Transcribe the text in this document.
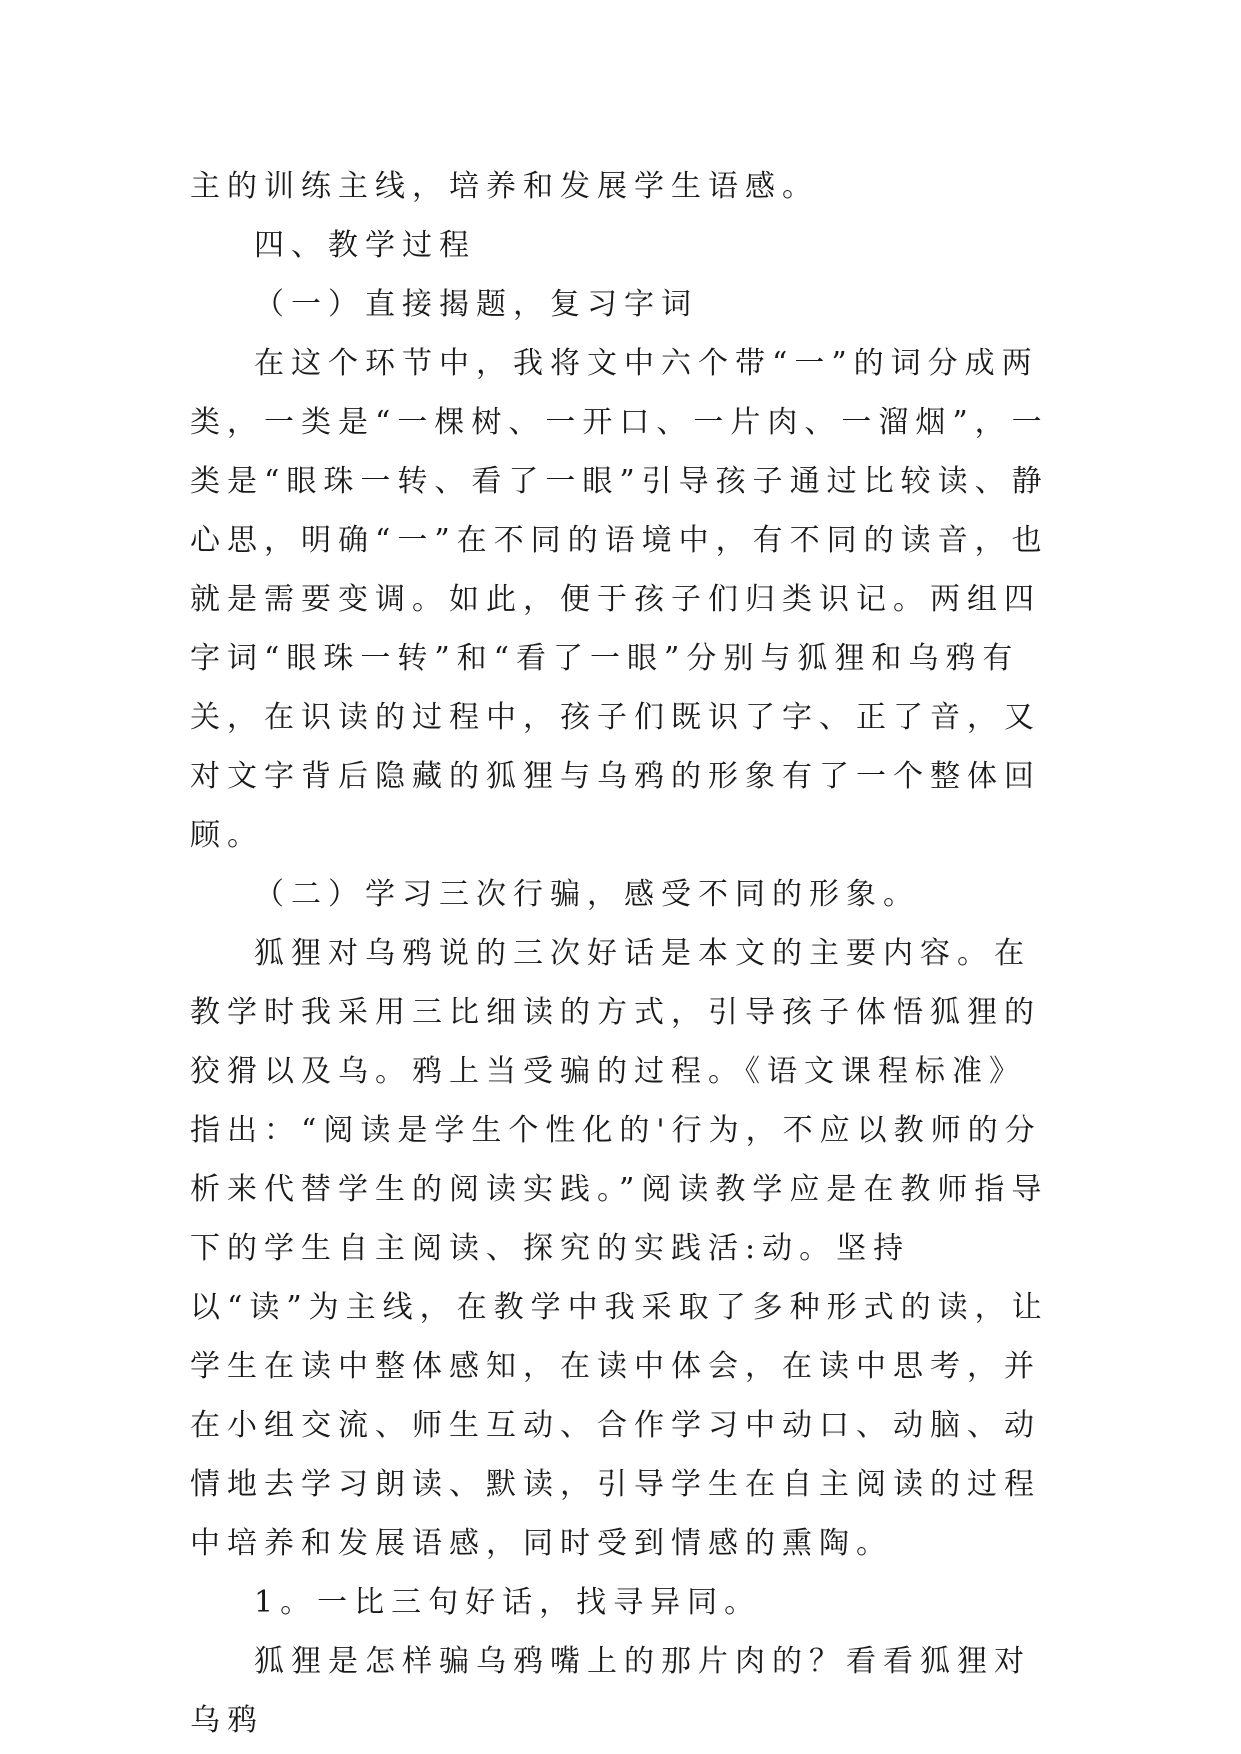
主的训练主线，培养和发展学生语感。

四、教学过程

（一）直接揭题，复习字词

在这个环节中，我将文中六个带“一”的词分成两类，一类是“一棵树、一开口、一片肉、一溜烟”，一类是“眼珠一转、看了一眼”引导孩子通过比较读、静心思，明确“一”在不同的语境中，有不同的读音，也就是需要变调。如此，便于孩子们归类识记。两组四字词“眼珠一转”和“看了一眼”分别与狐狸和乌鸦有关，在识读的过程中，孩子们既识了字、正了音，又对文字背后隐藏的狐狸与乌鸦的形象有了一个整体回顾。

（二）学习三次行骗，感受不同的形象。

狐狸对乌鸦说的三次好话是本文的主要内容。在教学时我采用三比细读的方式，引导孩子体悟狐狸的狡猾以及乌。鸦上当受骗的过程。《语文课程标准》指出：“阅读是学生个性化的'行为，不应以教师的分析来代替学生的阅读实践。”阅读教学应是在教师指导下的学生自主阅读、探究的实践活:动。坚持以“读”为主线，在教学中我采取了多种形式的读，让学生在读中整体感知，在读中体会，在读中思考，并在小组交流、师生互动、合作学习中动口、动脑、动情地去学习朗读、默读，引导学生在自主阅读的过程中培养和发展语感，同时受到情感的熏陶。

1。一比三句好话，找寻异同。

狐狸是怎样骗乌鸦嘴上的那片肉的？看看狐狸对乌鸦
